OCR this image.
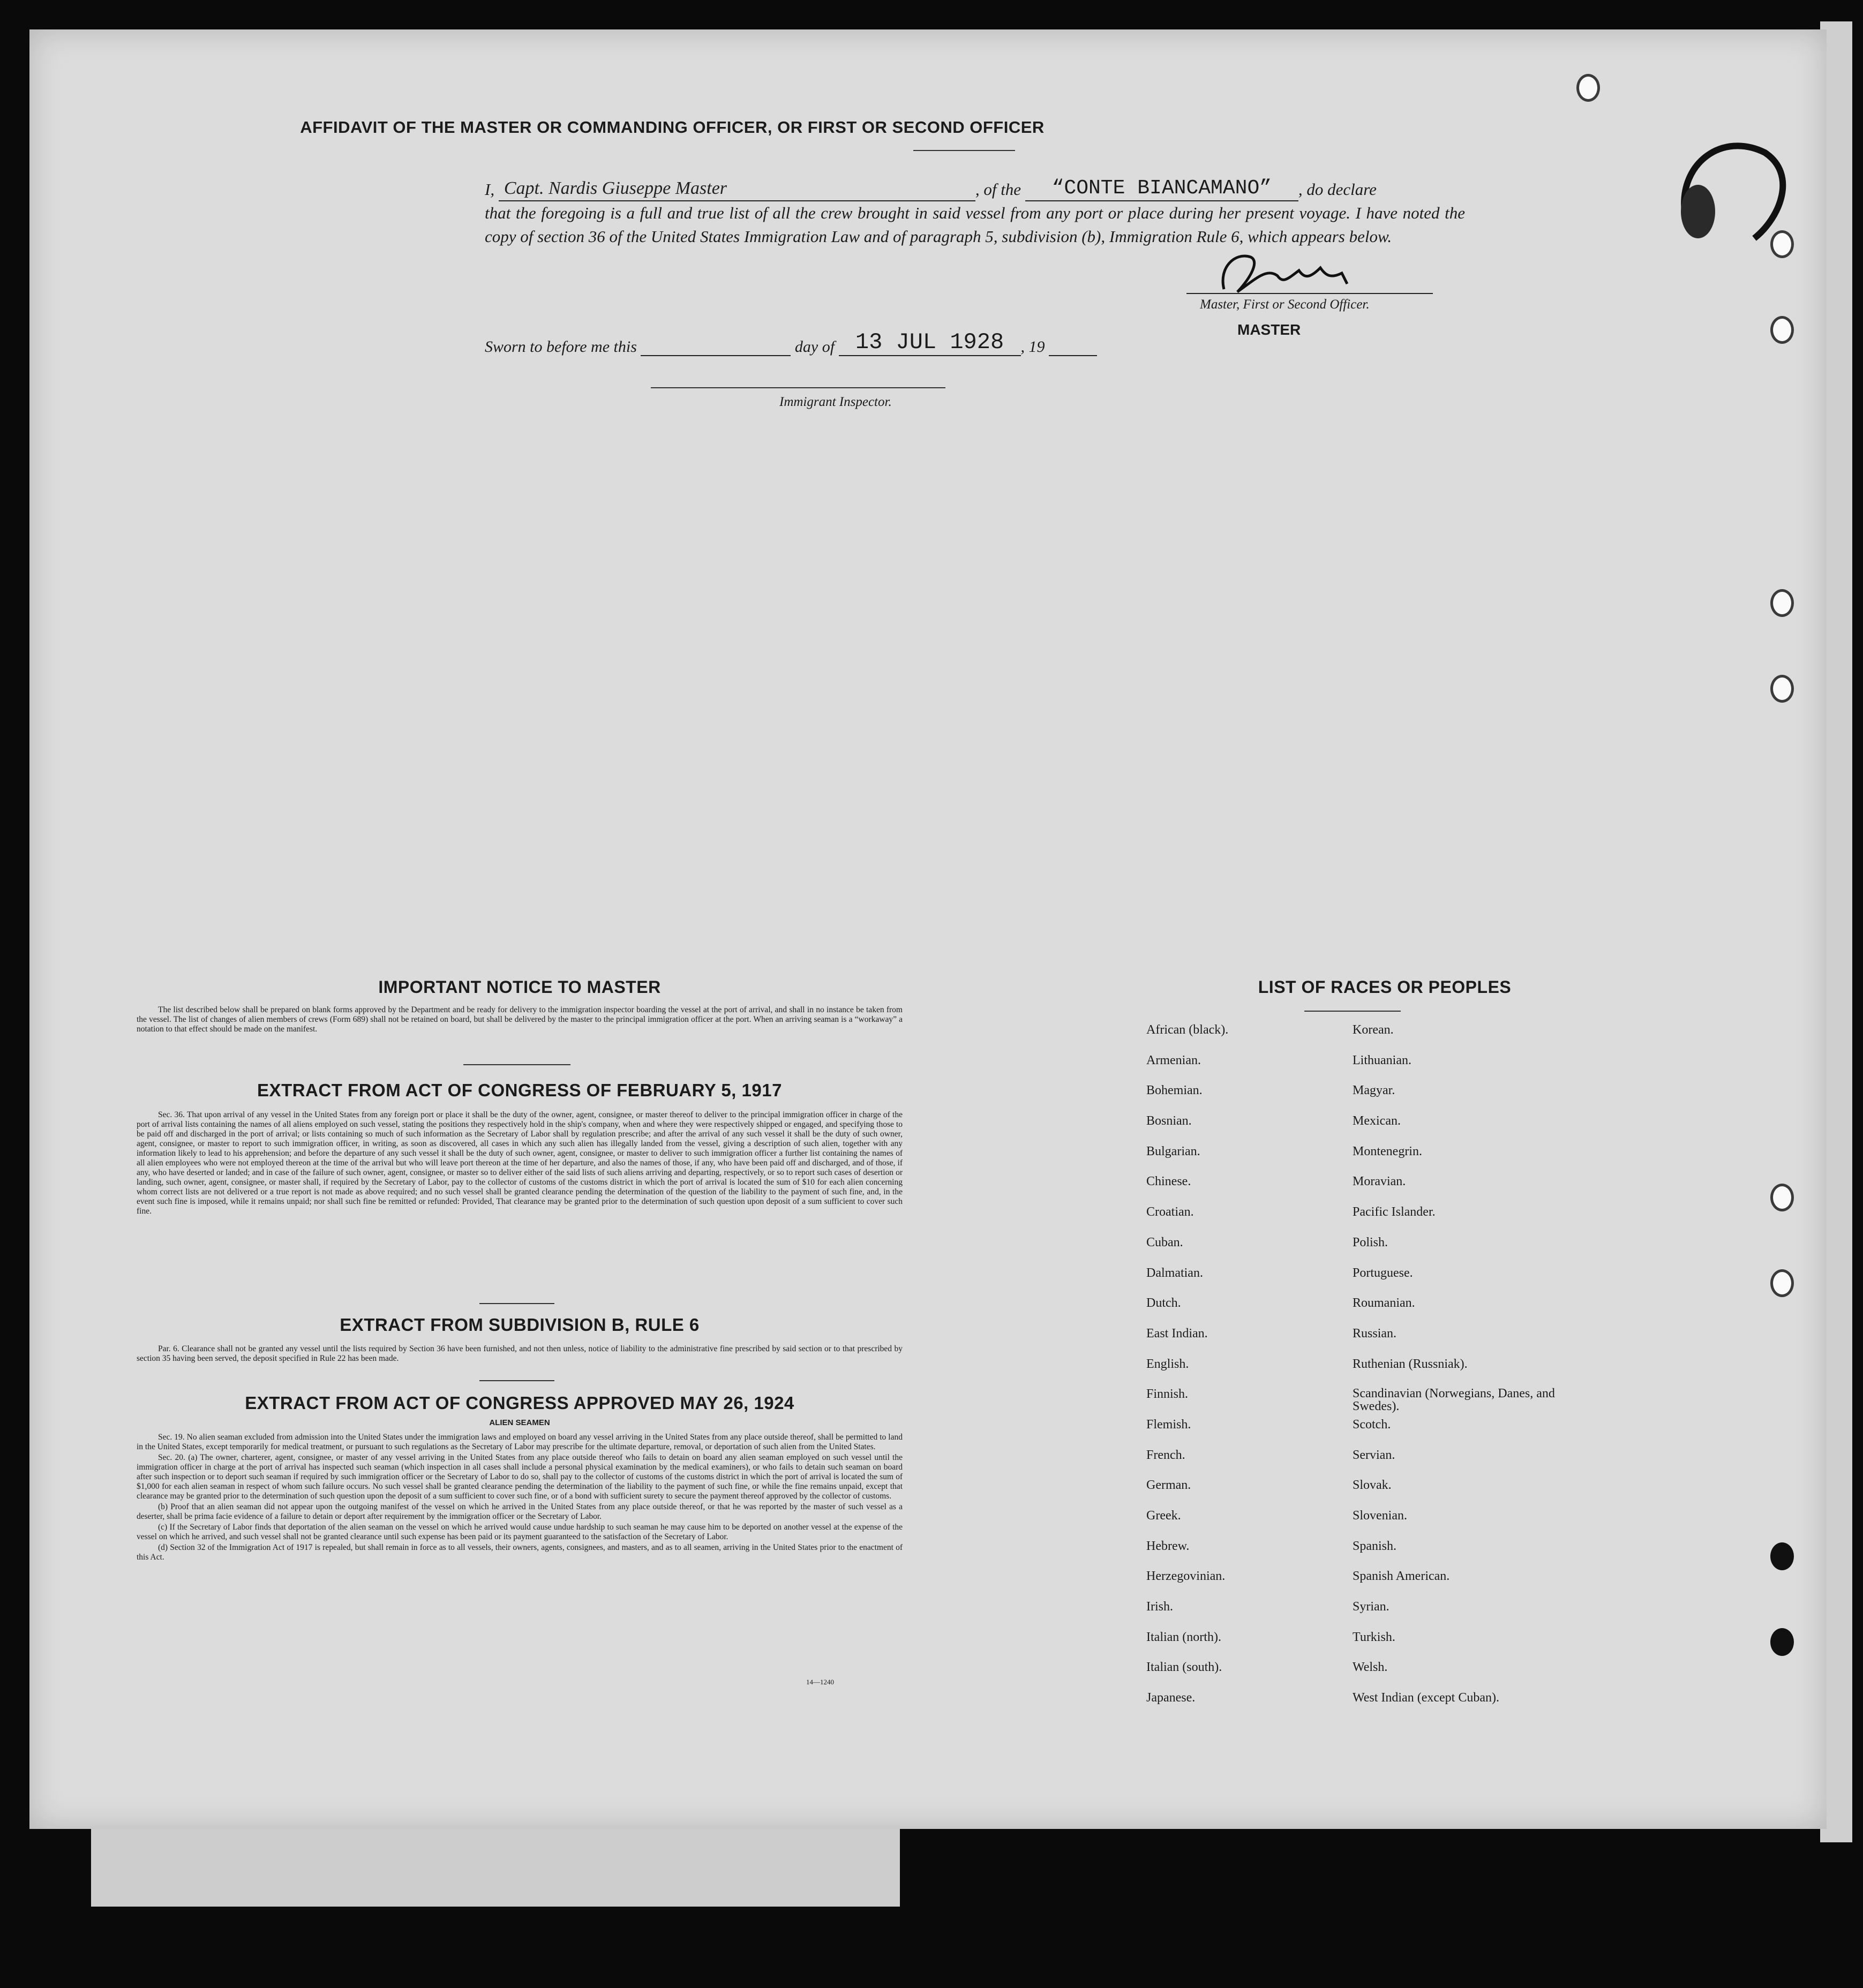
AFFIDAVIT OF THE MASTER OR COMMANDING OFFICER, OR FIRST OR SECOND OFFICER
I, Capt. Nardis Giuseppe Master	, of the “CONTE BIANCAMANO” , do declare
that the foregoing is a full and true list of all the crew brought in said vessel from any port or place during her present voyage. I have noted the copy of section 36 of the United States Immigration Law and of paragraph 5, subdivision (b), Immigration Rule 6, which appears below.
Master, First or Second Officer.
MASTER
Sworn to before me this	day of 13 JUL 1928 , 19
Immigrant Inspector.
IMPORTANT NOTICE TO MASTER

The list described below shall be prepared on blank forms approved by the Department and be ready for delivery to the immigration inspector boarding the vessel at the port of arrival, and shall in no instance be taken from the vessel. The list of changes of alien members of crews (Form 689) shall not be retained on board, but shall be delivered by the master to the principal immigration officer at the port. When an arriving seaman is a “workaway” a notation to that effect should be made on the manifest.

EXTRACT FROM ACT OF CONGRESS OF FEBRUARY 5, 1917

Sec. 36. That upon arrival of any vessel in the United States from any foreign port or place it shall be the duty of the owner, agent, consignee, or master thereof to deliver to the principal immigration officer in charge of the port of arrival lists containing the names of all aliens employed on such vessel, stating the positions they respectively hold in the ship's company, when and where they were respectively shipped or engaged, and specifying those to be paid off and discharged in the port of arrival; or lists containing so much of such information as the Secretary of Labor shall by regulation prescribe; and after the arrival of any such vessel it shall be the duty of such owner, agent, consignee, or master to report to such immigration officer, in writing, as soon as discovered, all cases in which any such alien has illegally landed from the vessel, giving a description of such alien, together with any information likely to lead to his apprehension; and before the departure of any such vessel it shall be the duty of such owner, agent, consignee, or master to deliver to such immigration officer a further list containing the names of all alien employees who were not employed thereon at the time of the arrival but who will leave port thereon at the time of her departure, and also the names of those, if any, who have been paid off and discharged, and of those, if any, who have deserted or landed; and in case of the failure of such owner, agent, consignee, or master so to deliver either of the said lists of such aliens arriving and departing, respectively, or so to report such cases of desertion or landing, such owner, agent, consignee, or master shall, if required by the Secretary of Labor, pay to the collector of customs of the customs district in which the port of arrival is located the sum of $10 for each alien concerning whom correct lists are not delivered or a true report is not made as above required; and no such vessel shall be granted clearance pending the determination of the question of the liability to the payment of such fine, and, in the event such fine is imposed, while it remains unpaid; nor shall such fine be remitted or refunded: Provided, That clearance may be granted prior to the determination of such question upon deposit of a sum sufficient to cover such fine.

EXTRACT FROM SUBDIVISION B, RULE 6

Par. 6. Clearance shall not be granted any vessel until the lists required by Section 36 have been furnished, and not then unless, notice of liability to the administrative fine prescribed by said section or to that prescribed by section 35 having been served, the deposit specified in Rule 22 has been made.

EXTRACT FROM ACT OF CONGRESS APPROVED MAY 26, 1924
ALIEN SEAMEN

Sec. 19. No alien seaman excluded from admission into the United States under the immigration laws and employed on board any vessel arriving in the United States from any place outside thereof, shall be permitted to land in the United States, except temporarily for medical treatment, or pursuant to such regulations as the Secretary of Labor may prescribe for the ultimate departure, removal, or deportation of such alien from the United States.

Sec. 20. (a) The owner, charterer, agent, consignee, or master of any vessel arriving in the United States from any place outside thereof who fails to detain on board any alien seaman employed on such vessel until the immigration officer in charge at the port of arrival has inspected such seaman (which inspection in all cases shall include a personal physical examination by the medical examiners), or who fails to detain such seaman on board after such inspection or to deport such seaman if required by such immigration officer or the Secretary of Labor to do so, shall pay to the collector of customs of the customs district in which the port of arrival is located the sum of $1,000 for each alien seaman in respect of whom such failure occurs. No such vessel shall be granted clearance pending the determination of the liability to the payment of such fine, or while the fine remains unpaid, except that clearance may be granted prior to the determination of such question upon the deposit of a sum sufficient to cover such fine, or of a bond with sufficient surety to secure the payment thereof approved by the collector of customs.

(b) Proof that an alien seaman did not appear upon the outgoing manifest of the vessel on which he arrived in the United States from any place outside thereof, or that he was reported by the master of such vessel as a deserter, shall be prima facie evidence of a failure to detain or deport after requirement by the immigration officer or the Secretary of Labor.

(c) If the Secretary of Labor finds that deportation of the alien seaman on the vessel on which he arrived would cause undue hardship to such seaman he may cause him to be deported on another vessel at the expense of the vessel on which he arrived, and such vessel shall not be granted clearance until such expense has been paid or its payment guaranteed to the satisfaction of the Secretary of Labor.

(d) Section 32 of the Immigration Act of 1917 is repealed, but shall remain in force as to all vessels, their owners, agents, consignees, and masters, and as to all seamen, arriving in the United States prior to the enactment of this Act.

14—1240
LIST OF RACES OR PEOPLES
African (black).
Armenian.
Bohemian.
Bosnian.
Bulgarian.
Chinese.
Croatian.
Cuban.
Dalmatian.
Dutch.
East Indian.
English.
Finnish.
Flemish.
French.
German.
Greek.
Hebrew.
Herzegovinian.
Irish.
Italian (north).
Italian (south).
Japanese.
Korean.
Lithuanian.
Magyar.
Mexican.
Montenegrin.
Moravian.
Pacific Islander.
Polish.
Portuguese.
Roumanian.
Russian.
Ruthenian (Russniak).
Scandinavian (Norwegians, Danes, and Swedes).
Scotch.
Servian.
Slovak.
Slovenian.
Spanish.
Spanish American.
Syrian.
Turkish.
Welsh.
West Indian (except Cuban).
